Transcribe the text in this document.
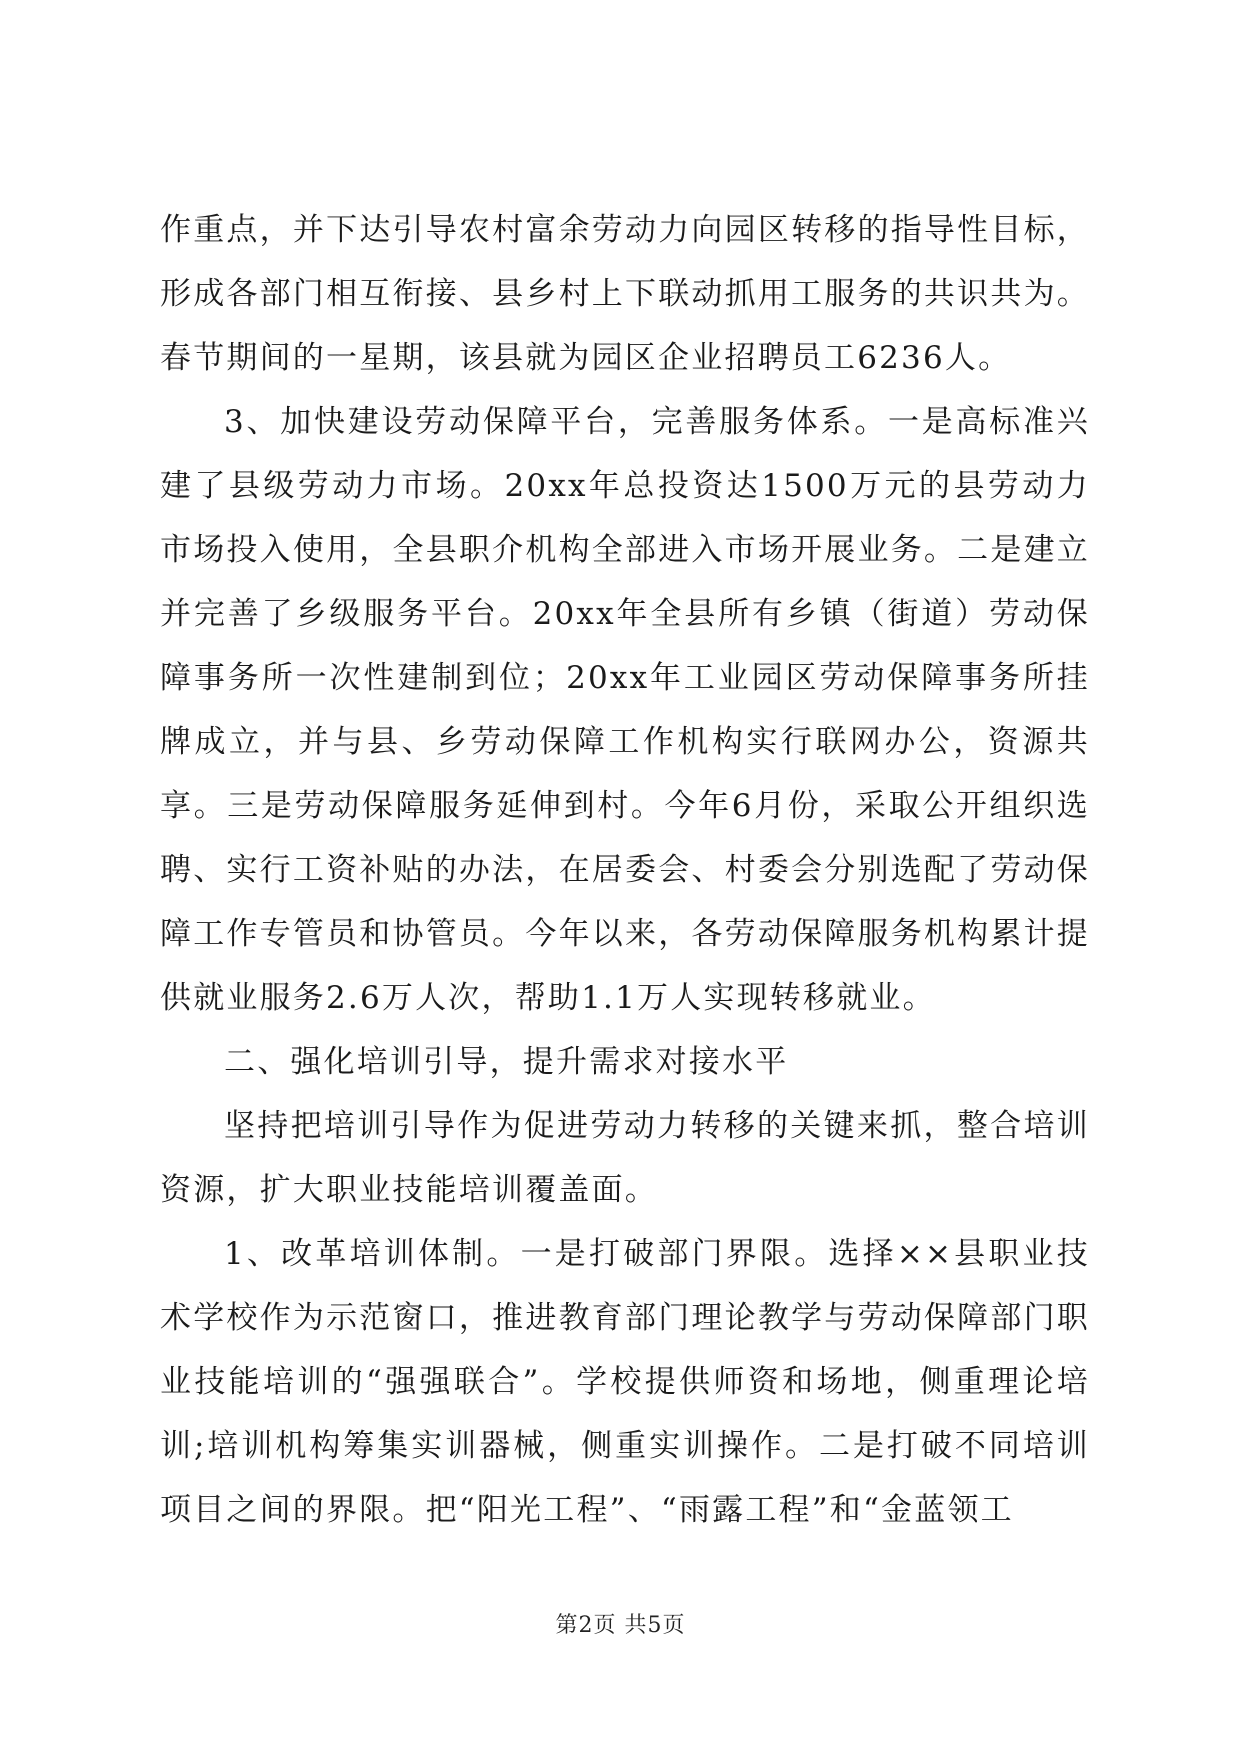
作重点，并下达引导农村富余劳动力向园区转移的指导性目标，形成各部门相互衔接、县乡村上下联动抓用工服务的共识共为。春节期间的一星期，该县就为园区企业招聘员工6236人。

3、加快建设劳动保障平台，完善服务体系。一是高标准兴建了县级劳动力市场。20xx年总投资达1500万元的县劳动力市场投入使用，全县职介机构全部进入市场开展业务。二是建立并完善了乡级服务平台。20xx年全县所有乡镇（街道）劳动保障事务所一次性建制到位；20xx年工业园区劳动保障事务所挂牌成立，并与县、乡劳动保障工作机构实行联网办公，资源共享。三是劳动保障服务延伸到村。今年6月份，采取公开组织选聘、实行工资补贴的办法，在居委会、村委会分别选配了劳动保障工作专管员和协管员。今年以来，各劳动保障服务机构累计提供就业服务2.6万人次，帮助1.1万人实现转移就业。

二、强化培训引导，提升需求对接水平

坚持把培训引导作为促进劳动力转移的关键来抓，整合培训资源，扩大职业技能培训覆盖面。

1、改革培训体制。一是打破部门界限。选择××县职业技术学校作为示范窗口，推进教育部门理论教学与劳动保障部门职业技能培训的“强强联合”。学校提供师资和场地，侧重理论培训;培训机构筹集实训器械，侧重实训操作。二是打破不同培训项目之间的界限。把“阳光工程”、“雨露工程”和“金蓝领工

第2页 共5页
